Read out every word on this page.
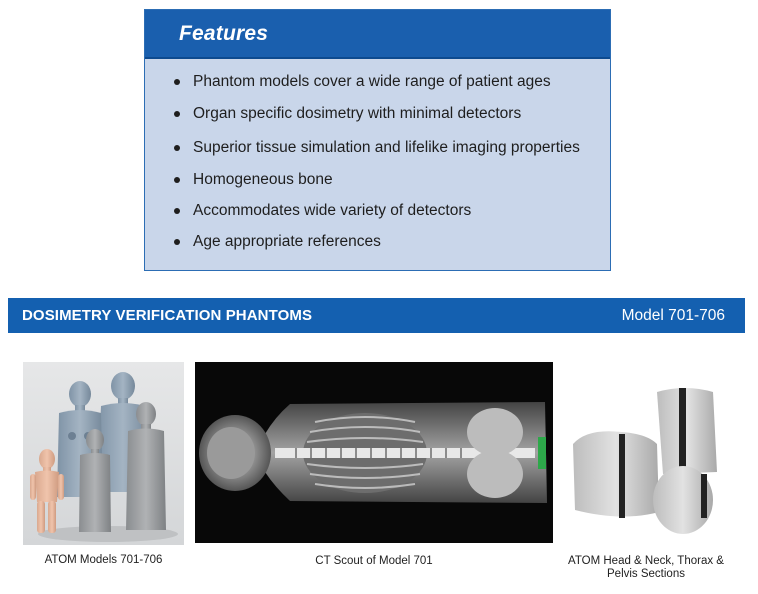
Features
Phantom models cover a wide range of patient ages
Organ specific dosimetry with minimal detectors
Superior tissue simulation and lifelike imaging properties
Homogeneous bone
Accommodates wide variety of detectors
Age appropriate references
DOSIMETRY VERIFICATION PHANTOMS	Model 701-706
ATOM Models 701-706	CT Scout of Model 701	ATOM Head & Neck, Thorax & Pelvis Sections
